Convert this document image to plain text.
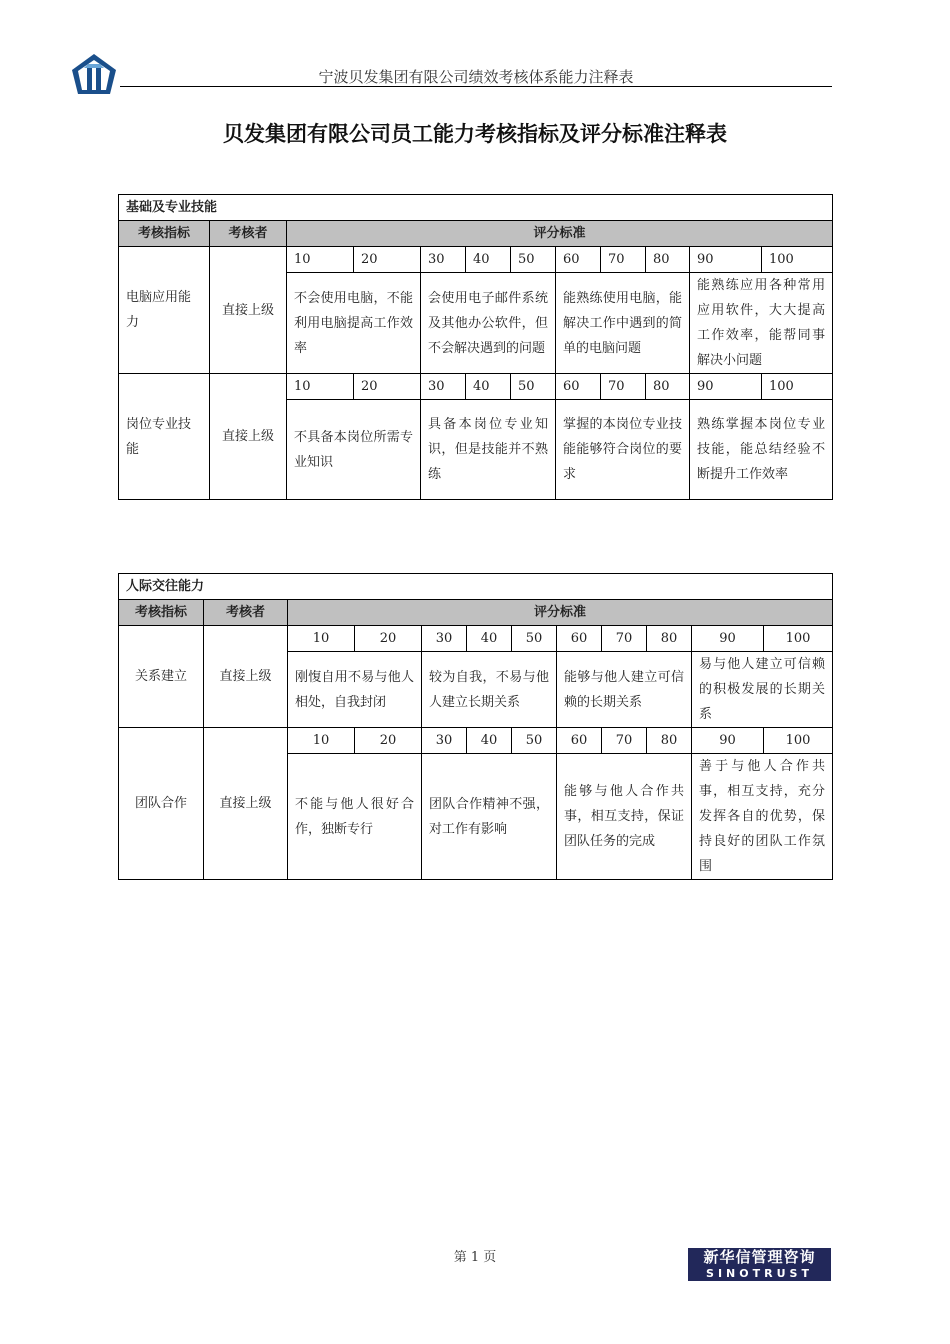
宁波贝发集团有限公司绩效考核体系能力注释表
贝发集团有限公司员工能力考核指标及评分标准注释表
基础及专业技能											
考核指标	考核者	评分标准									
电脑应用能力	直接上级	10	20	30	40	50	60	70	80	90	100
		不会使用电脑，不能利用电脑提高工作效率		会使用电子邮件系统及其他办公软件，但不会解决遇到的问题			能熟练使用电脑，能解决工作中遇到的简单的电脑问题			能熟练应用各种常用应用软件，大大提高工作效率，能帮同事解决小问题	
岗位专业技能	直接上级	10	20	30	40	50	60	70	80	90	100
		不具备本岗位所需专业知识		具备本岗位专业知识，但是技能并不熟练			掌握的本岗位专业技能能够符合岗位的要求			熟练掌握本岗位专业技能，能总结经验不断提升工作效率	
人际交往能力											
考核指标	考核者	评分标准									
关系建立	直接上级	10	20	30	40	50	60	70	80	90	100
		刚愎自用不易与他人相处，自我封闭		较为自我，不易与他人建立长期关系			能够与他人建立可信赖的长期关系			易与他人建立可信赖的积极发展的长期关系	
团队合作	直接上级	10	20	30	40	50	60	70	80	90	100
		不能与他人很好合作，独断专行		团队合作精神不强，对工作有影响			能够与他人合作共事，相互支持，保证团队任务的完成			善于与他人合作共事，相互支持，充分发挥各自的优势，保持良好的团队工作氛围	
第 1 页	新华信管理咨询
SINOTRUST
